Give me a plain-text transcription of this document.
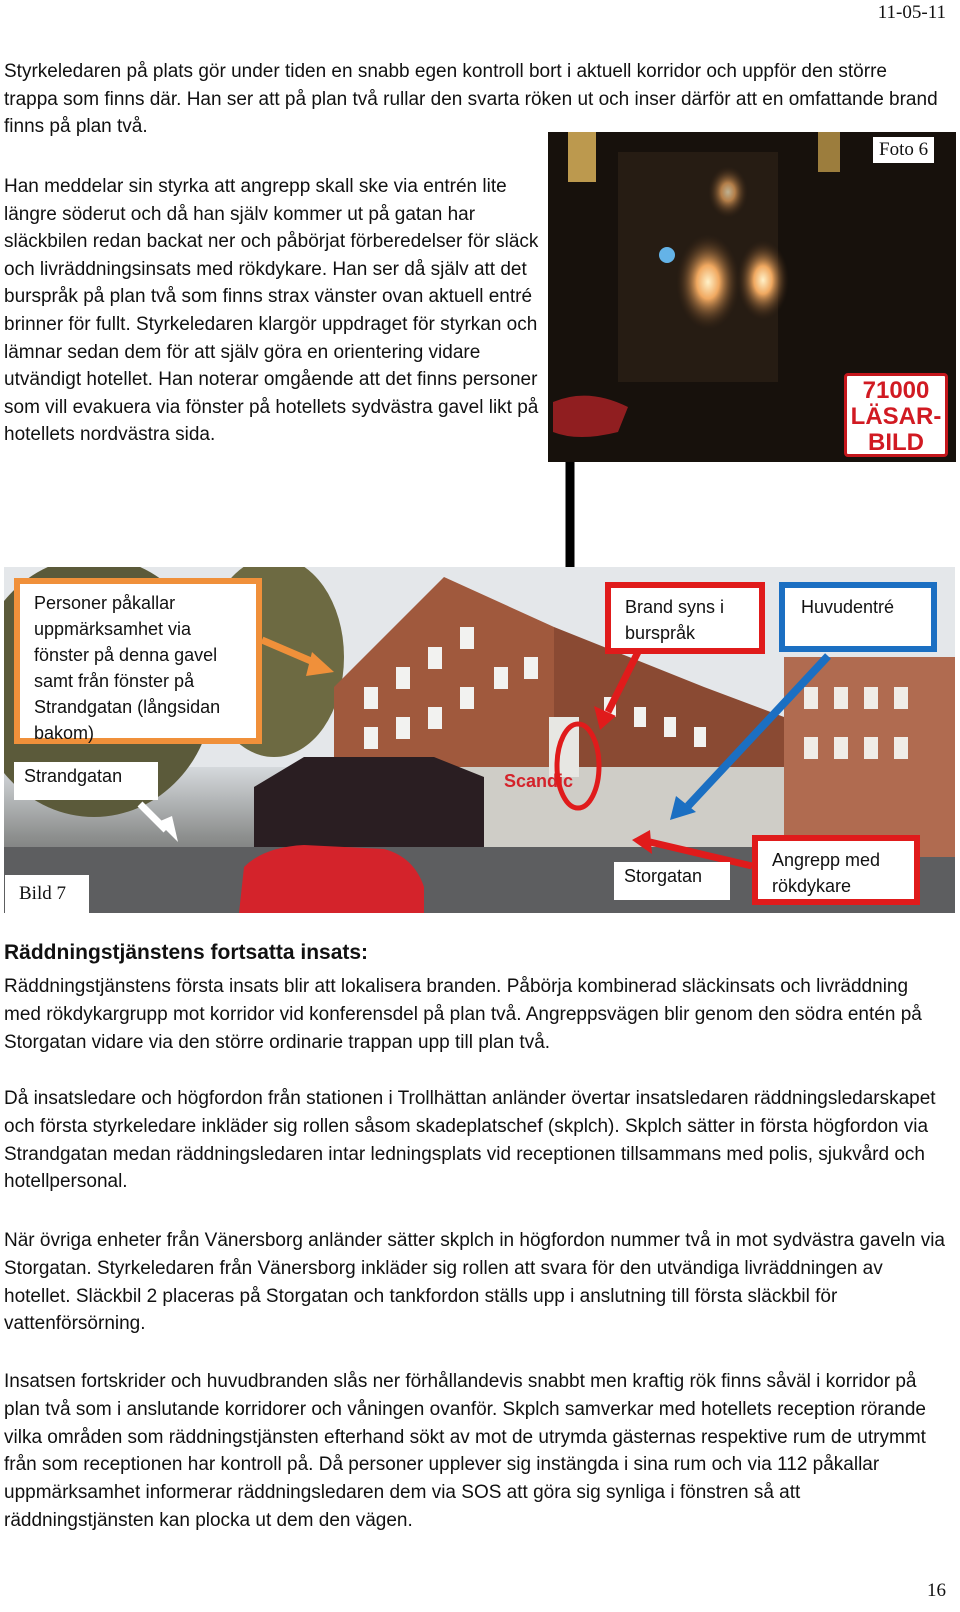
11-05-11
Styrkeledaren på plats gör under tiden en snabb egen kontroll bort i aktuell korridor och uppför den större trappa som finns där. Han ser att på plan två rullar den svarta röken ut och inser därför att en omfattande brand finns på plan två.
Han meddelar sin styrka att angrepp skall ske via entrén lite längre söderut och då han själv kommer ut på gatan har släckbilen redan backat ner och påbörjat förberedelser för släck och livräddningsinsats med rökdykare. Han ser då själv att det burspråk på plan två som finns strax vänster ovan aktuell entré brinner för fullt. Styrkeledaren klargör uppdraget för styrkan och lämnar sedan dem för att själv göra en orientering vidare utvändigt hotellet. Han noterar omgående att det finns personer som vill evakuera via fönster på hotellets sydvästra gavel likt på hotellets nordvästra sida.
Foto 6
71000
LÄSAR-
BILD
Scandic
Personer påkallar uppmärksamhet via fönster på denna gavel samt från fönster på Strandgatan (långsidan bakom)
Brand syns i burspråk
Huvudentré
Angrepp med rökdykare
Strandgatan
Storgatan
Bild 7
Räddningstjänstens fortsatta insats:
Räddningstjänstens första insats blir att lokalisera branden. Påbörja kombinerad släckinsats och livräddning med rökdykargrupp mot korridor vid konferensdel på plan två. Angreppsvägen blir genom den södra entén på Storgatan vidare via den större ordinarie trappan upp till plan två.
Då insatsledare och högfordon från stationen i Trollhättan anländer övertar insatsledaren räddningsledarskapet och första styrkeledare inkläder sig rollen såsom skadeplatschef (skplch). Skplch sätter in första högfordon via Strandgatan medan räddningsledaren intar ledningsplats vid receptionen tillsammans med polis, sjukvård och hotellpersonal.
När övriga enheter från Vänersborg anländer sätter skplch in högfordon nummer två in mot sydvästra gaveln via Storgatan. Styrkeledaren från Vänersborg inkläder sig rollen att svara för den utvändiga livräddningen av hotellet. Släckbil 2 placeras på Storgatan och tankfordon ställs upp i anslutning till första släckbil för vattenförsörning.
Insatsen fortskrider och huvudbranden slås ner förhållandevis snabbt men kraftig rök finns såväl i korridor på plan två som i anslutande korridorer och våningen ovanför. Skplch samverkar med hotellets reception rörande vilka områden som räddningstjänsten efterhand sökt av mot de utrymda gästernas respektive rum de utrymmt från som receptionen har kontroll på. Då personer upplever sig instängda i sina rum och via 112 påkallar uppmärksamhet informerar räddningsledaren dem via SOS att göra sig synliga i fönstren så att räddningstjänsten kan plocka ut dem den vägen.
16
